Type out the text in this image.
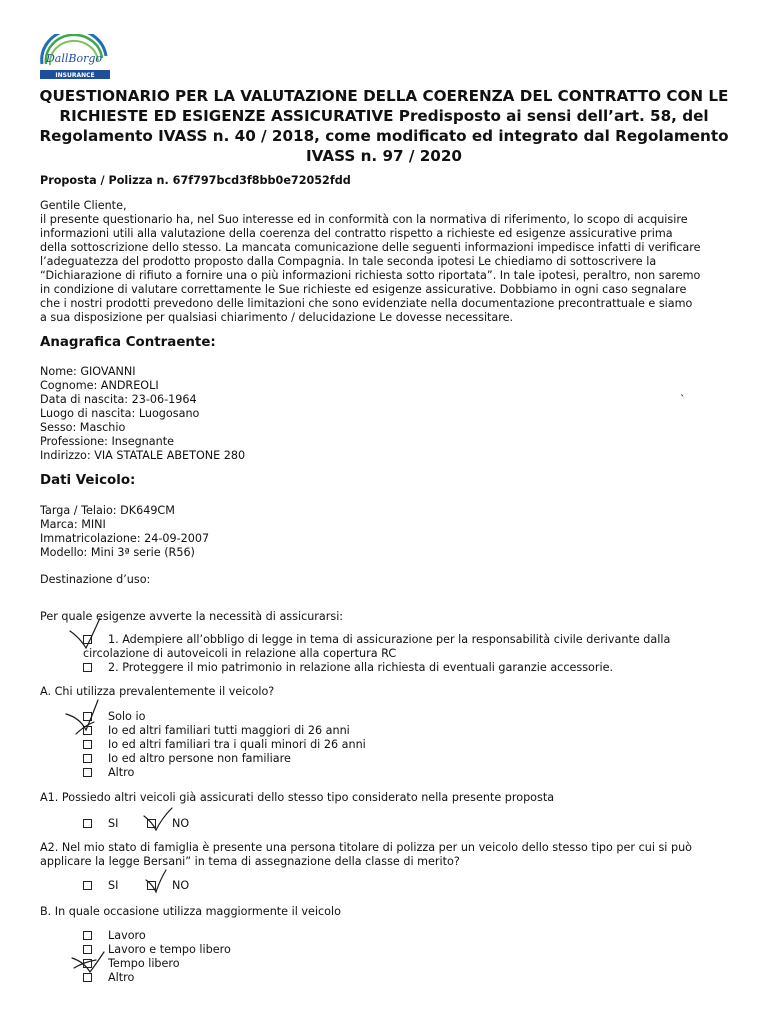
DallBorgo
INSURANCE
QUESTIONARIO PER LA VALUTAZIONE DELLA COERENZA DEL CONTRATTO CON LE RICHIESTE ED ESIGENZE ASSICURATIVE Predisposto ai sensi dell’art. 58, del Regolamento IVASS n. 40 / 2018, come modificato ed integrato dal Regolamento IVASS n. 97 / 2020
Proposta / Polizza n. 67f797bcd3f8bb0e72052fdd
Gentile Cliente,
il presente questionario ha, nel Suo interesse ed in conformità con la normativa di riferimento, lo scopo di acquisire
informazioni utili alla valutazione della coerenza del contratto rispetto a richieste ed esigenze assicurative prima
della sottoscrizione dello stesso. La mancata comunicazione delle seguenti informazioni impedisce infatti di verificare
l’adeguatezza del prodotto proposto dalla Compagnia. In tale seconda ipotesi Le chiediamo di sottoscrivere la
“Dichiarazione di rifiuto a fornire una o più informazioni richiesta sotto riportata”. In tale ipotesi, peraltro, non saremo
in condizione di valutare correttamente le Sue richieste ed esigenze assicurative. Dobbiamo in ogni caso segnalare
che i nostri prodotti prevedono delle limitazioni che sono evidenziate nella documentazione precontrattuale e siamo
a sua disposizione per qualsiasi chiarimento / delucidazione Le dovesse necessitare.
Anagrafica Contraente:
Nome: GIOVANNI
Cognome: ANDREOLI
Data di nascita: 23-06-1964
Luogo di nascita: Luogosano
Sesso: Maschio
Professione: Insegnante
Indirizzo: VIA STATALE ABETONE 280
`
Dati Veicolo:
Targa / Telaio: DK649CM
Marca: MINI
Immatricolazione: 24-09-2007
Modello: Mini 3ª serie (R56)
Destinazione d’uso:
Per quale esigenze avverte la necessità di assicurarsi:
1. Adempiere all’obbligo di legge in tema di assicurazione per la responsabilità civile derivante dalla
circolazione di autoveicoli in relazione alla copertura RC
2. Proteggere il mio patrimonio in relazione alla richiesta di eventuali garanzie accessorie.
A. Chi utilizza prevalentemente il veicolo?
Solo io
Io ed altri familiari tutti maggiori di 26 anni
Io ed altri familiari tra i quali minori di 26 anni
Io ed altro persone non familiare
Altro
A1. Possiedo altri veicoli già assicurati dello stesso tipo considerato nella presente proposta
SI	NO
A2. Nel mio stato di famiglia è presente una persona titolare di polizza per un veicolo dello stesso tipo per cui si può
applicare la legge Bersani” in tema di assegnazione della classe di merito?
SI	NO
B. In quale occasione utilizza maggiormente il veicolo
Lavoro
Lavoro e tempo libero
Tempo libero
Altro
